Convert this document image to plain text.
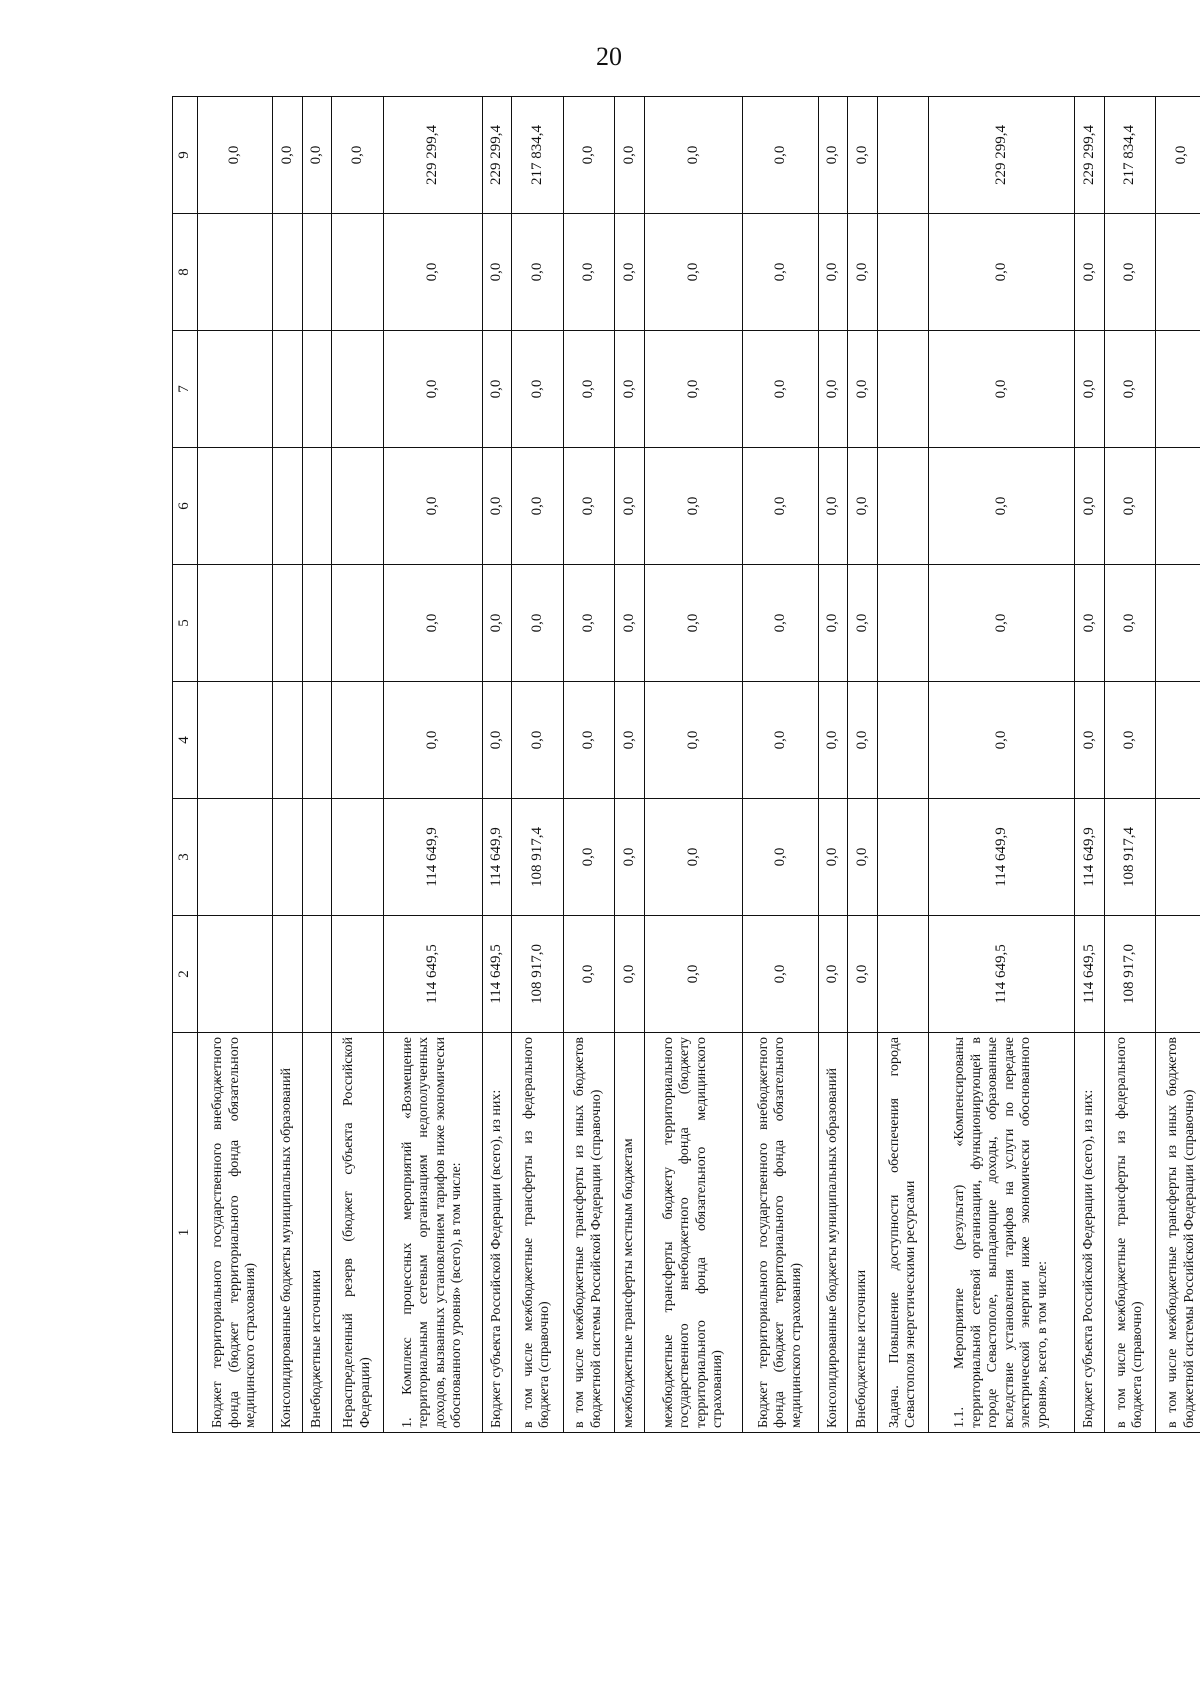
20
1	2	3	4	5	6	7	8	9
Бюджет территориального государственного внебюджетного фонда (бюджет территориального фонда обязательного медицинского страхования)								0,0
Консолидированные бюджеты муниципальных образований								0,0
Внебюджетные источники								0,0
Нераспределенный резерв (бюджет субъекта Российской Федерации)								0,0
1. Комплекс процессных мероприятий «Возмещение территориальным сетевым организациям недополученных доходов, вызванных установлением тарифов ниже экономически обоснованного уровня» (всего), в том числе:	114 649,5	114 649,9	0,0	0,0	0,0	0,0	0,0	229 299,4
Бюджет субъекта Российской Федерации (всего), из них:	114 649,5	114 649,9	0,0	0,0	0,0	0,0	0,0	229 299,4
в том числе межбюджетные трансферты из федерального бюджета (справочно)	108 917,0	108 917,4	0,0	0,0	0,0	0,0	0,0	217 834,4
в том числе межбюджетные трансферты из иных бюджетов бюджетной системы Российской Федерации (справочно)	0,0	0,0	0,0	0,0	0,0	0,0	0,0	0,0
межбюджетные трансферты местным бюджетам	0,0	0,0	0,0	0,0	0,0	0,0	0,0	0,0
межбюджетные трансферты бюджету территориального государственного внебюджетного фонда (бюджету территориального фонда обязательного медицинского страхования)	0,0	0,0	0,0	0,0	0,0	0,0	0,0	0,0
Бюджет территориального государственного внебюджетного фонда (бюджет территориального фонда обязательного медицинского страхования)	0,0	0,0	0,0	0,0	0,0	0,0	0,0	0,0
Консолидированные бюджеты муниципальных образований	0,0	0,0	0,0	0,0	0,0	0,0	0,0	0,0
Внебюджетные источники	0,0	0,0	0,0	0,0	0,0	0,0	0,0	0,0
Задача. Повышение доступности обеспечения города Севастополя энергетическими ресурсами								
1.1. Мероприятие (результат) «Компенсированы территориальной сетевой организации, функционирующей в городе Севастополе, выпадающие доходы, образованные вследствие установления тарифов на услуги по передаче электрической энергии ниже экономически обоснованного уровня», всего, в том числе:	114 649,5	114 649,9	0,0	0,0	0,0	0,0	0,0	229 299,4
Бюджет субъекта Российской Федерации (всего), из них:	114 649,5	114 649,9	0,0	0,0	0,0	0,0	0,0	229 299,4
в том числе межбюджетные трансферты из федерального бюджета (справочно)	108 917,0	108 917,4	0,0	0,0	0,0	0,0	0,0	217 834,4
в том числе межбюджетные трансферты из иных бюджетов бюджетной системы Российской Федерации (справочно)								0,0
